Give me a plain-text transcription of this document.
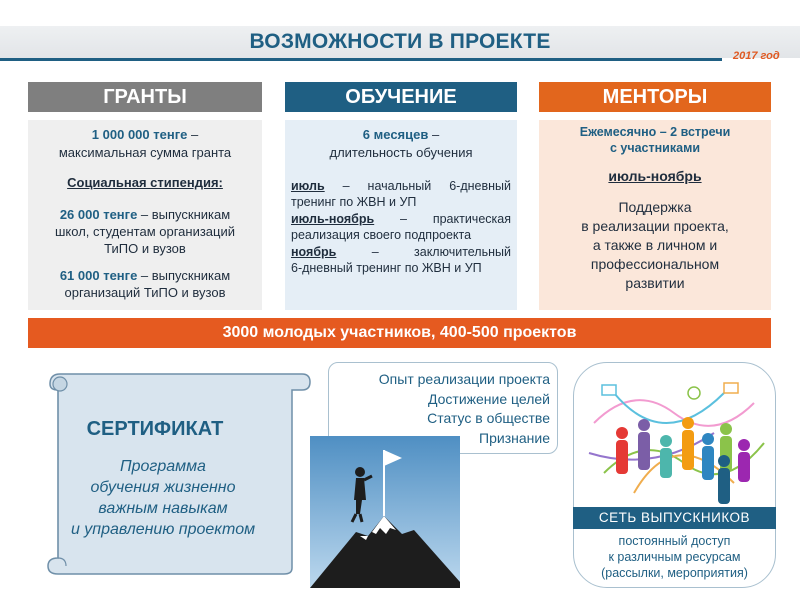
ВОЗМОЖНОСТИ В ПРОЕКТЕ
2017 год
ГРАНТЫ	ОБУЧЕНИЕ	МЕНТОРЫ

1 000 000 тенге –

максимальная сумма гранта

Социальная стипендия:

26 000 тенге – выпускникам

школ, студентам организаций

ТиПО и вузов

61 000 тенге – выпускникам

организаций ТиПО и вузов

6 месяцев –

длительность обучения

июль – начальный 6-дневный

тренинг по ЖВН и УП

июль-ноябрь – практическая

реализация своего подпроекта

ноябрь – заключительный

6-дневный тренинг по ЖВН и УП

Ежемесячно – 2 встречи

с участниками

июль-ноябрь

Поддержка

в реализации проекта,

а также в личном и

профессиональном

развитии

3000 молодых участников, 400-500 проектов
СЕРТИФИКАТ
Программа
обучения жизненно
важным навыкам
и управлению проектом
Опыт реализации проекта
Достижение целей
Статус в обществе
Признание
СЕТЬ ВЫПУСКНИКОВ
постоянный доступ
к различным ресурсам
(рассылки, мероприятия)
